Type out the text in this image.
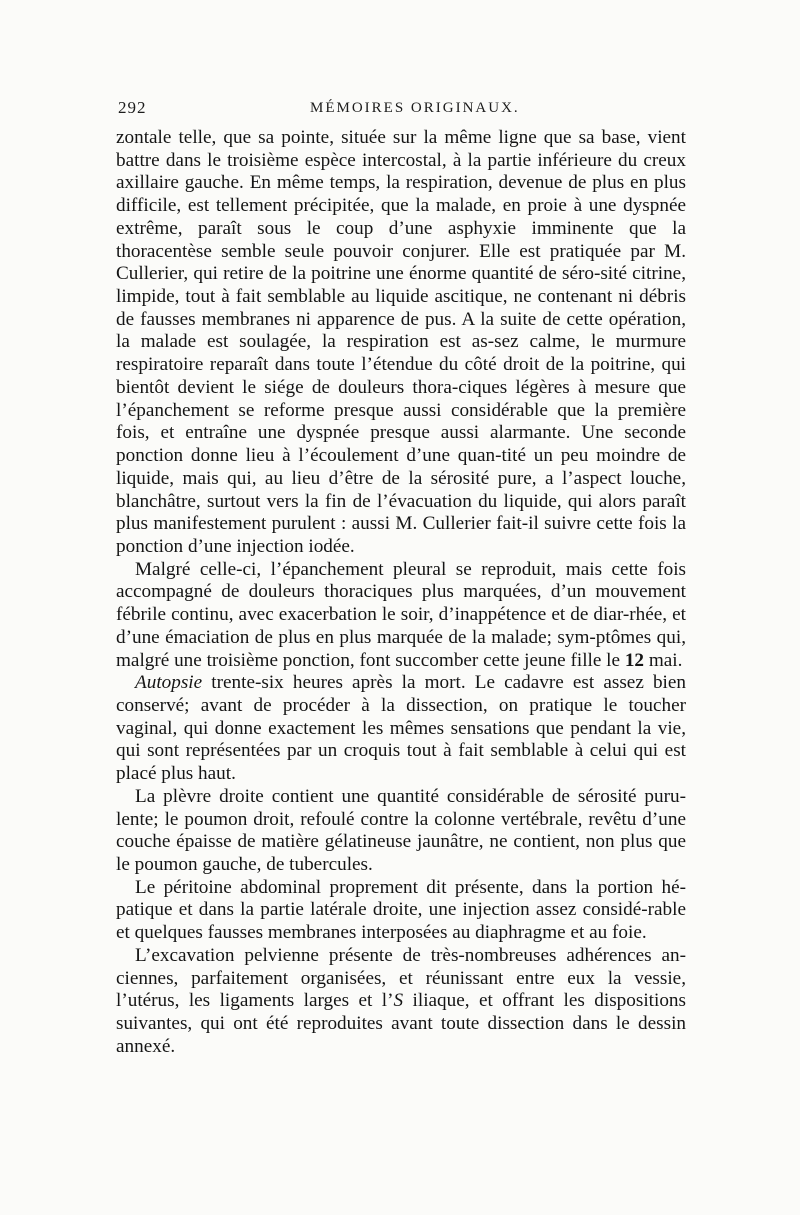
292	MÉMOIRES ORIGINAUX.

zontale telle, que sa pointe, située sur la même ligne que sa base, vient battre dans le troisième espèce intercostal, à la partie inférieure du creux axillaire gauche. En même temps, la respiration, devenue de plus en plus difficile, est tellement précipitée, que la malade, en proie à une dyspnée extrême, paraît sous le coup d’une asphyxie imminente que la thoracentèse semble seule pouvoir conjurer. Elle est pratiquée par M. Cullerier, qui retire de la poitrine une énorme quantité de séro-sité citrine, limpide, tout à fait semblable au liquide ascitique, ne contenant ni débris de fausses membranes ni apparence de pus. A la suite de cette opération, la malade est soulagée, la respiration est as-sez calme, le murmure respiratoire reparaît dans toute l’étendue du côté droit de la poitrine, qui bientôt devient le siége de douleurs thora-ciques légères à mesure que l’épanchement se reforme presque aussi considérable que la première fois, et entraîne une dyspnée presque aussi alarmante. Une seconde ponction donne lieu à l’écoulement d’une quan-tité un peu moindre de liquide, mais qui, au lieu d’être de la sérosité pure, a l’aspect louche, blanchâtre, surtout vers la fin de l’évacuation du liquide, qui alors paraît plus manifestement purulent : aussi M. Cullerier fait-il suivre cette fois la ponction d’une injection iodée.

Malgré celle-ci, l’épanchement pleural se reproduit, mais cette fois accompagné de douleurs thoraciques plus marquées, d’un mouvement fébrile continu, avec exacerbation le soir, d’inappétence et de diar-rhée, et d’une émaciation de plus en plus marquée de la malade; sym-ptômes qui, malgré une troisième ponction, font succomber cette jeune fille le 12 mai.

Autopsie trente-six heures après la mort. Le cadavre est assez bien conservé; avant de procéder à la dissection, on pratique le toucher vaginal, qui donne exactement les mêmes sensations que pendant la vie, qui sont représentées par un croquis tout à fait semblable à celui qui est placé plus haut.

La plèvre droite contient une quantité considérable de sérosité puru-lente; le poumon droit, refoulé contre la colonne vertébrale, revêtu d’une couche épaisse de matière gélatineuse jaunâtre, ne contient, non plus que le poumon gauche, de tubercules.

Le péritoine abdominal proprement dit présente, dans la portion hé-patique et dans la partie latérale droite, une injection assez considé-rable et quelques fausses membranes interposées au diaphragme et au foie.

L’excavation pelvienne présente de très-nombreuses adhérences an-ciennes, parfaitement organisées, et réunissant entre eux la vessie, l’utérus, les ligaments larges et l’S iliaque, et offrant les dispositions suivantes, qui ont été reproduites avant toute dissection dans le dessin annexé.
